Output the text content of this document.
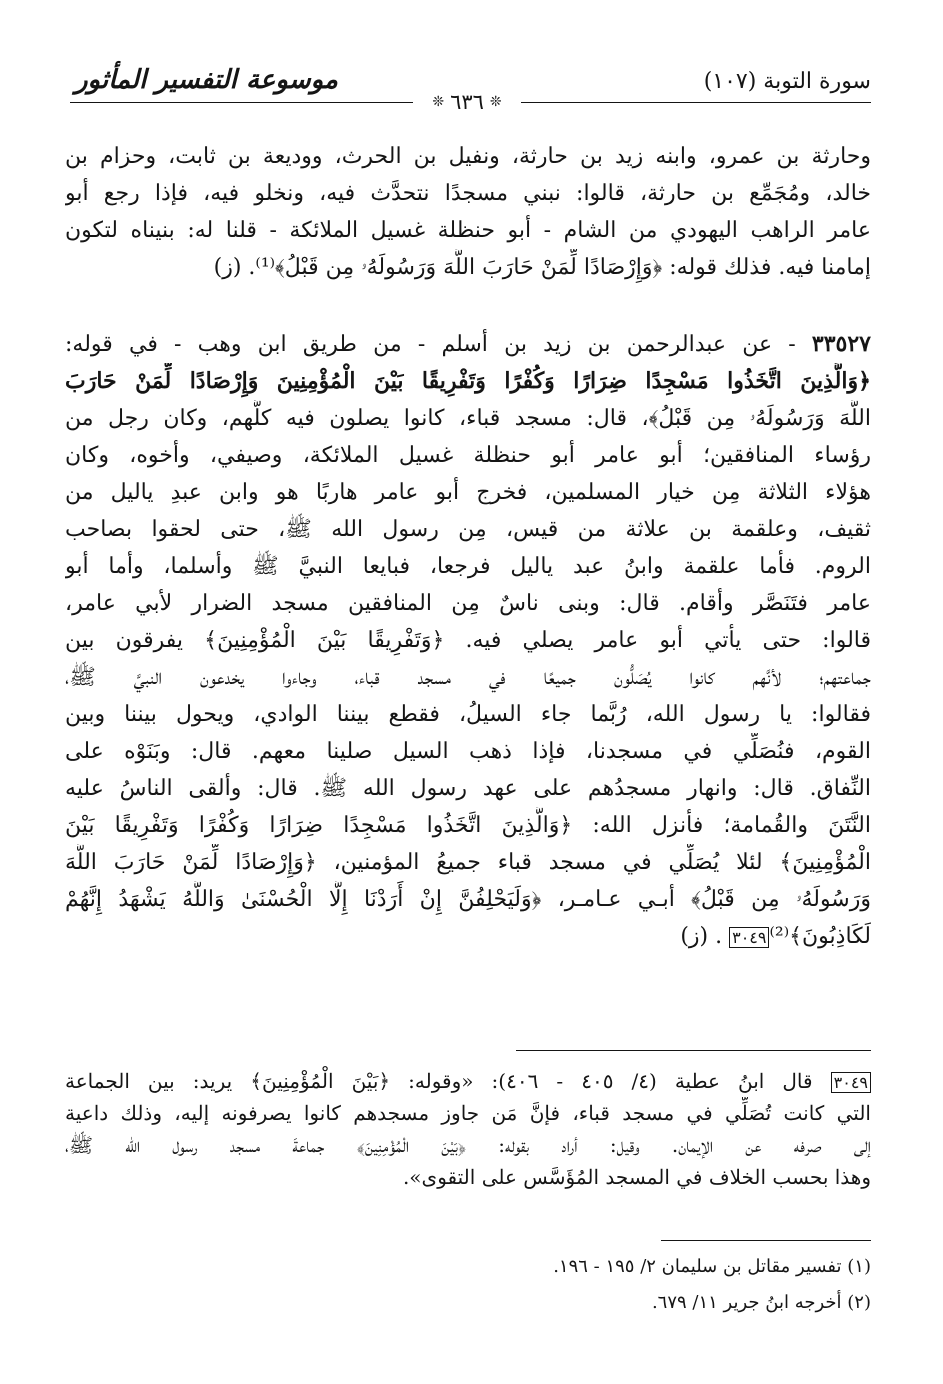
موسوعة التفسير المأثور	سورة التوبة (١٠٧)
❊ ٦٣٦ ❊
وحارثة بن عمرو، وابنه زيد بن حارثة، ونفيل بن الحرث، ووديعة بن ثابت، وحزام بن
خالد، ومُجَمِّع بن حارثة، قالوا: نبني مسجدًا نتحدَّث فيه، ونخلو فيه، فإذا رجع أبو
عامر الراهب اليهودي من الشام - أبو حنظلة غسيل الملائكة - قلنا له: بنيناه لتكون
إمامنا فيه. فذلك قوله: ﴿وَإِرْصَادًا لِّمَنْ حَارَبَ اللَّهَ وَرَسُولَهُۥ مِن قَبْلُ﴾⁽¹⁾. (ز)
٣٣٥٢٧ - عن عبدالرحمن بن زيد بن أسلم - من طريق ابن وهب - في قوله:
﴿وَالَّذِينَ اتَّخَذُوا مَسْجِدًا ضِرَارًا وَكُفْرًا وَتَفْرِيقًا بَيْنَ الْمُؤْمِنِينَ وَإِرْصَادًا لِّمَنْ حَارَبَ
اللَّهَ وَرَسُولَهُۥ مِن قَبْلُ﴾، قال: مسجد قباء، كانوا يصلون فيه كلُّهم، وكان رجل من
رؤساء المنافقين؛ أبو عامر أبو حنظلة غسيل الملائكة، وصيفي، وأخوه، وكان
هؤلاء الثلاثة مِن خيار المسلمين، فخرج أبو عامر هاربًا هو وابن عبدِ ياليل من
ثقيف، وعلقمة بن علاثة من قيس، مِن رسول الله ﷺ، حتى لحقوا بصاحب
الروم. فأما علقمة وابنُ عبد ياليل فرجعا، فبايعا النبيَّ ﷺ وأسلما، وأما أبو
عامر فتَنَصَّر وأقام. قال: وبنى ناسٌ مِن المنافقين مسجد الضرار لأبي عامر،
قالوا: حتى يأتي أبو عامر يصلي فيه. ﴿وَتَفْرِيقًا بَيْنَ الْمُؤْمِنِينَ﴾ يفرقون بين
جماعتهم؛ لأنَّهم كانوا يُصَلُّون جميعًا في مسجد قباء، وجاءوا يخدعون النبيَّ ﷺ،
فقالوا: يا رسول الله، رُبَّما جاء السيلُ، فقطع بيننا الوادي، ويحول بيننا وبين
القوم، فنُصَلِّي في مسجدنا، فإذا ذهب السيل صلينا معهم. قال: وبَنَوْه على
النِّفاق. قال: وانهار مسجدُهم على عهد رسول الله ﷺ. قال: وألقى الناسُ عليه
النَّتَنَ والقُمامة؛ فأنزل الله: ﴿وَالَّذِينَ اتَّخَذُوا مَسْجِدًا ضِرَارًا وَكُفْرًا وَتَفْرِيقًا بَيْنَ
الْمُؤْمِنِينَ﴾ لئلا يُصَلِّي في مسجد قباء جميعُ المؤمنين، ﴿وَإِرْصَادًا لِّمَنْ حَارَبَ اللَّهَ
وَرَسُولَهُۥ مِن قَبْلُ﴾ أبـي عـامـر، ﴿وَلَيَحْلِفُنَّ إِنْ أَرَدْنَا إِلَّا الْحُسْنَىٰ وَاللَّهُ يَشْهَدُ إِنَّهُمْ
لَكَاذِبُونَ﴾⁽²⁾٣٠٤٩ . (ز)
٣٠٤٩ قال ابنُ عطية (٤/ ٤٠٥ - ٤٠٦): «وقوله: ﴿بَيْنَ الْمُؤْمِنِينَ﴾ يريد: بين الجماعة
التي كانت تُصَلِّي في مسجد قباء، فإنَّ مَن جاوز مسجدهم كانوا يصرفونه إليه، وذلك داعية
إلى صرفه عن الإيمان. وقيل: أراد بقوله: ﴿بَيْنَ الْمُؤْمِنِينَ﴾ جماعةَ مسجد رسول الله ﷺ،
وهذا بحسب الخلاف في المسجد المُؤَسَّس على التقوى».
(١) تفسير مقاتل بن سليمان ٢/ ١٩٥ - ١٩٦.
(٢) أخرجه ابنُ جرير ١١/ ٦٧٩.
